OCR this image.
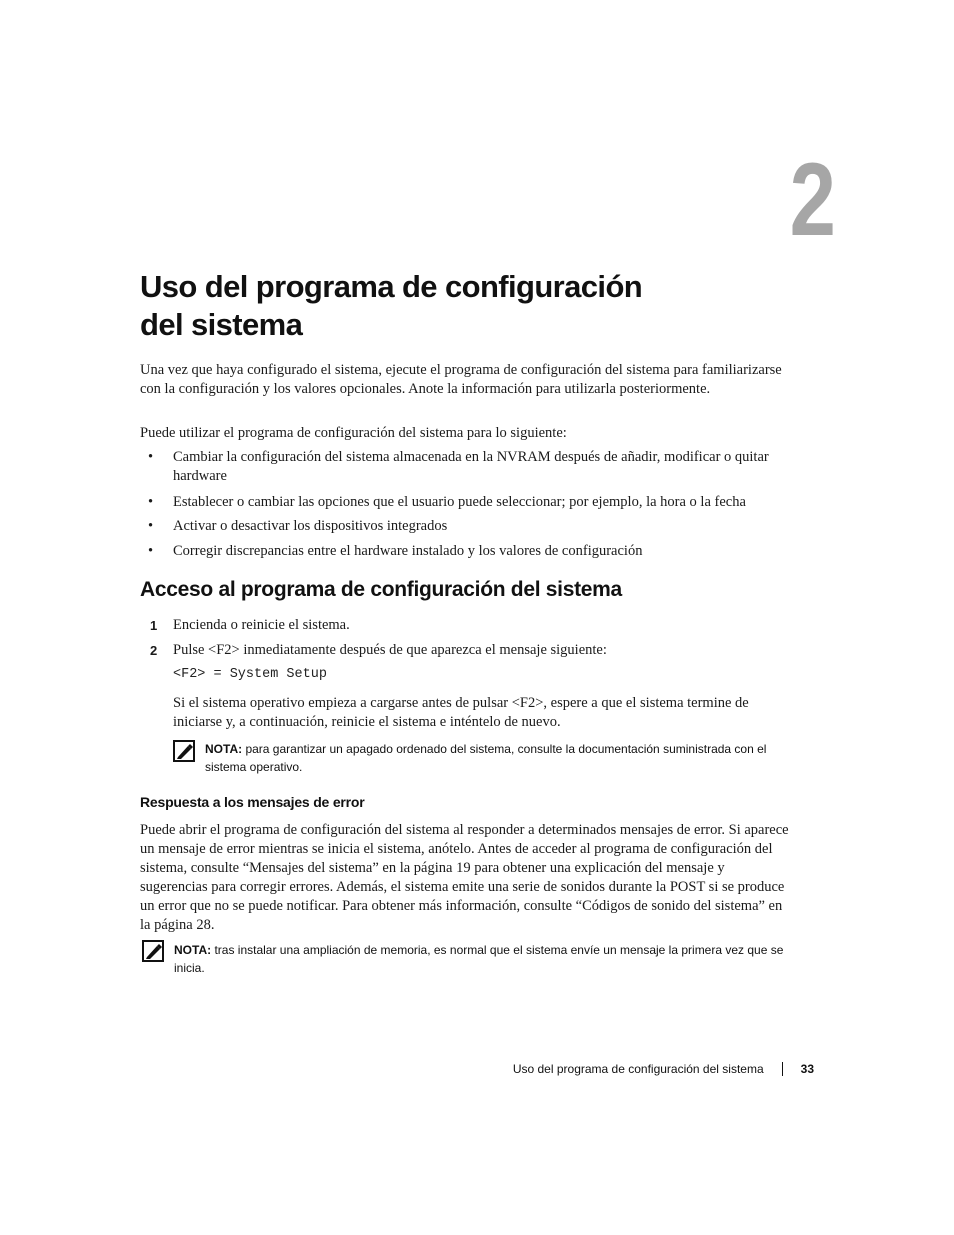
2
Uso del programa de configuración
del sistema

Una vez que haya configurado el sistema, ejecute el programa de configuración del sistema para familiarizarse con la configuración y los valores opcionales. Anote la información para utilizarla posteriormente.

Puede utilizar el programa de configuración del sistema para lo siguiente:

• Cambiar la configuración del sistema almacenada en la NVRAM después de añadir, modificar o quitar hardware

• Establecer o cambiar las opciones que el usuario puede seleccionar; por ejemplo, la hora o la fecha

• Activar o desactivar los dispositivos integrados

• Corregir discrepancias entre el hardware instalado y los valores de configuración

Acceso al programa de configuración del sistema

1 Encienda o reinicie el sistema.

2 Pulse <F2> inmediatamente después de que aparezca el mensaje siguiente:

<F2> = System Setup

Si el sistema operativo empieza a cargarse antes de pulsar <F2>, espere a que el sistema termine de iniciarse y, a continuación, reinicie el sistema e inténtelo de nuevo.

NOTA: para garantizar un apagado ordenado del sistema, consulte la documentación suministrada con el sistema operativo.
Respuesta a los mensajes de error

Puede abrir el programa de configuración del sistema al responder a determinados mensajes de error. Si aparece un mensaje de error mientras se inicia el sistema, anótelo. Antes de acceder al programa de configuración del sistema, consulte “Mensajes del sistema” en la página 19 para obtener una explicación del mensaje y sugerencias para corregir errores. Además, el sistema emite una serie de sonidos durante la POST si se produce un error que no se puede notificar. Para obtener más información, consulte “Códigos de sonido del sistema” en la página 28.

NOTA: tras instalar una ampliación de memoria, es normal que el sistema envíe un mensaje la primera vez que se inicia.
Uso del programa de configuración del sistema	33
